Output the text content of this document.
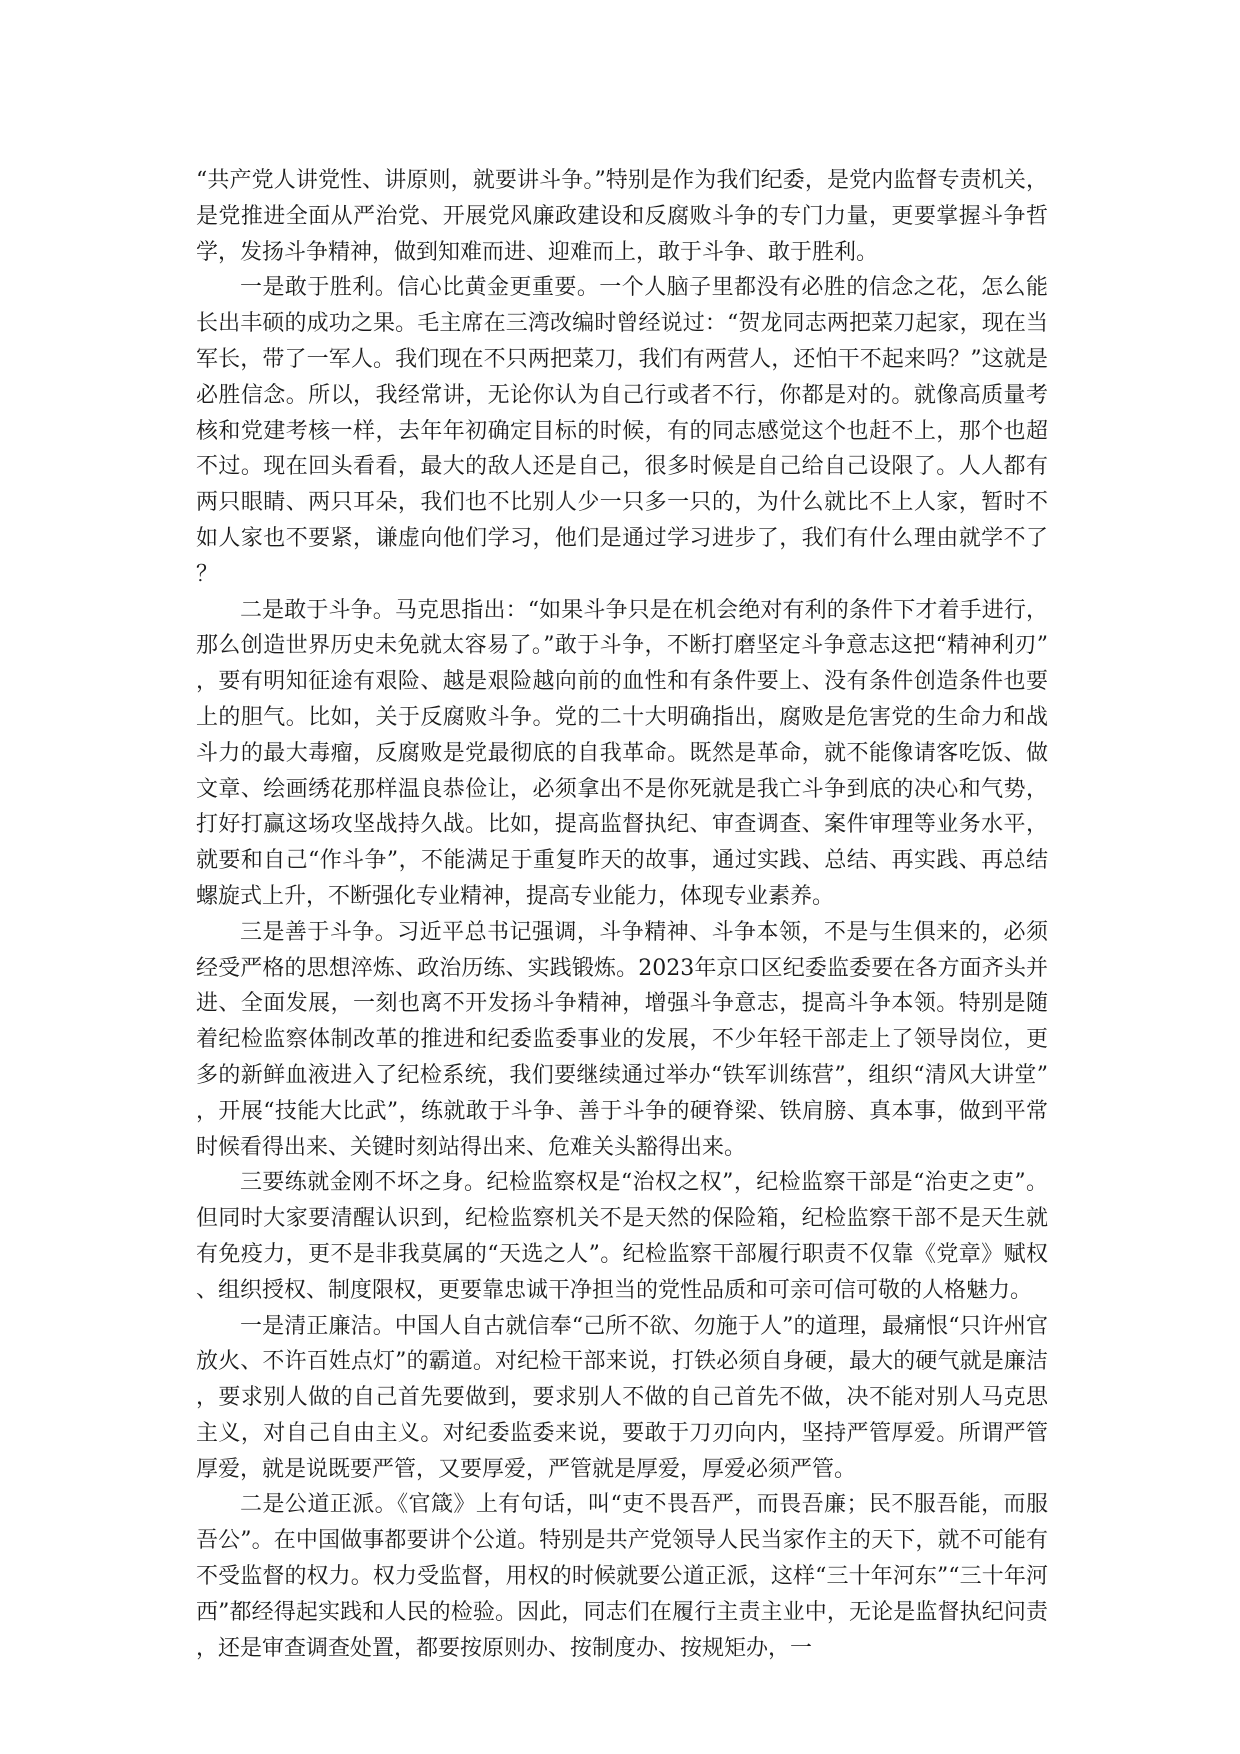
“共产党人讲党性、讲原则，就要讲斗争。”特别是作为我们纪委，是党内监督专责机关，是党推进全面从严治党、开展党风廉政建设和反腐败斗争的专门力量，更要掌握斗争哲学，发扬斗争精神，做到知难而进、迎难而上，敢于斗争、敢于胜利。

一是敢于胜利。信心比黄金更重要。一个人脑子里都没有必胜的信念之花，怎么能长出丰硕的成功之果。毛主席在三湾改编时曾经说过：“贺龙同志两把菜刀起家，现在当军长，带了一军人。我们现在不只两把菜刀，我们有两营人，还怕干不起来吗？”这就是必胜信念。所以，我经常讲，无论你认为自己行或者不行，你都是对的。就像高质量考核和党建考核一样，去年年初确定目标的时候，有的同志感觉这个也赶不上，那个也超不过。现在回头看看，最大的敌人还是自己，很多时候是自己给自己设限了。人人都有两只眼睛、两只耳朵，我们也不比别人少一只多一只的，为什么就比不上人家，暂时不如人家也不要紧，谦虚向他们学习，他们是通过学习进步了，我们有什么理由就学不了？

二是敢于斗争。马克思指出：“如果斗争只是在机会绝对有利的条件下才着手进行，那么创造世界历史未免就太容易了。”敢于斗争，不断打磨坚定斗争意志这把“精神利刃”，要有明知征途有艰险、越是艰险越向前的血性和有条件要上、没有条件创造条件也要上的胆气。比如，关于反腐败斗争。党的二十大明确指出，腐败是危害党的生命力和战斗力的最大毒瘤，反腐败是党最彻底的自我革命。既然是革命，就不能像请客吃饭、做文章、绘画绣花那样温良恭俭让，必须拿出不是你死就是我亡斗争到底的决心和气势，打好打赢这场攻坚战持久战。比如，提高监督执纪、审查调查、案件审理等业务水平，就要和自己“作斗争”，不能满足于重复昨天的故事，通过实践、总结、再实践、再总结螺旋式上升，不断强化专业精神，提高专业能力，体现专业素养。

三是善于斗争。习近平总书记强调，斗争精神、斗争本领，不是与生俱来的，必须经受严格的思想淬炼、政治历练、实践锻炼。2023年京口区纪委监委要在各方面齐头并进、全面发展，一刻也离不开发扬斗争精神，增强斗争意志，提高斗争本领。特别是随着纪检监察体制改革的推进和纪委监委事业的发展，不少年轻干部走上了领导岗位，更多的新鲜血液进入了纪检系统，我们要继续通过举办“铁军训练营”，组织“清风大讲堂”，开展“技能大比武”，练就敢于斗争、善于斗争的硬脊梁、铁肩膀、真本事，做到平常时候看得出来、关键时刻站得出来、危难关头豁得出来。

三要练就金刚不坏之身。纪检监察权是“治权之权”，纪检监察干部是“治吏之吏”。但同时大家要清醒认识到，纪检监察机关不是天然的保险箱，纪检监察干部不是天生就有免疫力，更不是非我莫属的“天选之人”。纪检监察干部履行职责不仅靠《党章》赋权、组织授权、制度限权，更要靠忠诚干净担当的党性品质和可亲可信可敬的人格魅力。

一是清正廉洁。中国人自古就信奉“己所不欲、勿施于人”的道理，最痛恨“只许州官放火、不许百姓点灯”的霸道。对纪检干部来说，打铁必须自身硬，最大的硬气就是廉洁，要求别人做的自己首先要做到，要求别人不做的自己首先不做，决不能对别人马克思主义，对自己自由主义。对纪委监委来说，要敢于刀刃向内，坚持严管厚爱。所谓严管厚爱，就是说既要严管，又要厚爱，严管就是厚爱，厚爱必须严管。

二是公道正派。《官箴》上有句话，叫“吏不畏吾严，而畏吾廉；民不服吾能，而服吾公”。在中国做事都要讲个公道。特别是共产党领导人民当家作主的天下，就不可能有不受监督的权力。权力受监督，用权的时候就要公道正派，这样“三十年河东”“三十年河西”都经得起实践和人民的检验。因此，同志们在履行主责主业中，无论是监督执纪问责，还是审查调查处置，都要按原则办、按制度办、按规矩办，一
